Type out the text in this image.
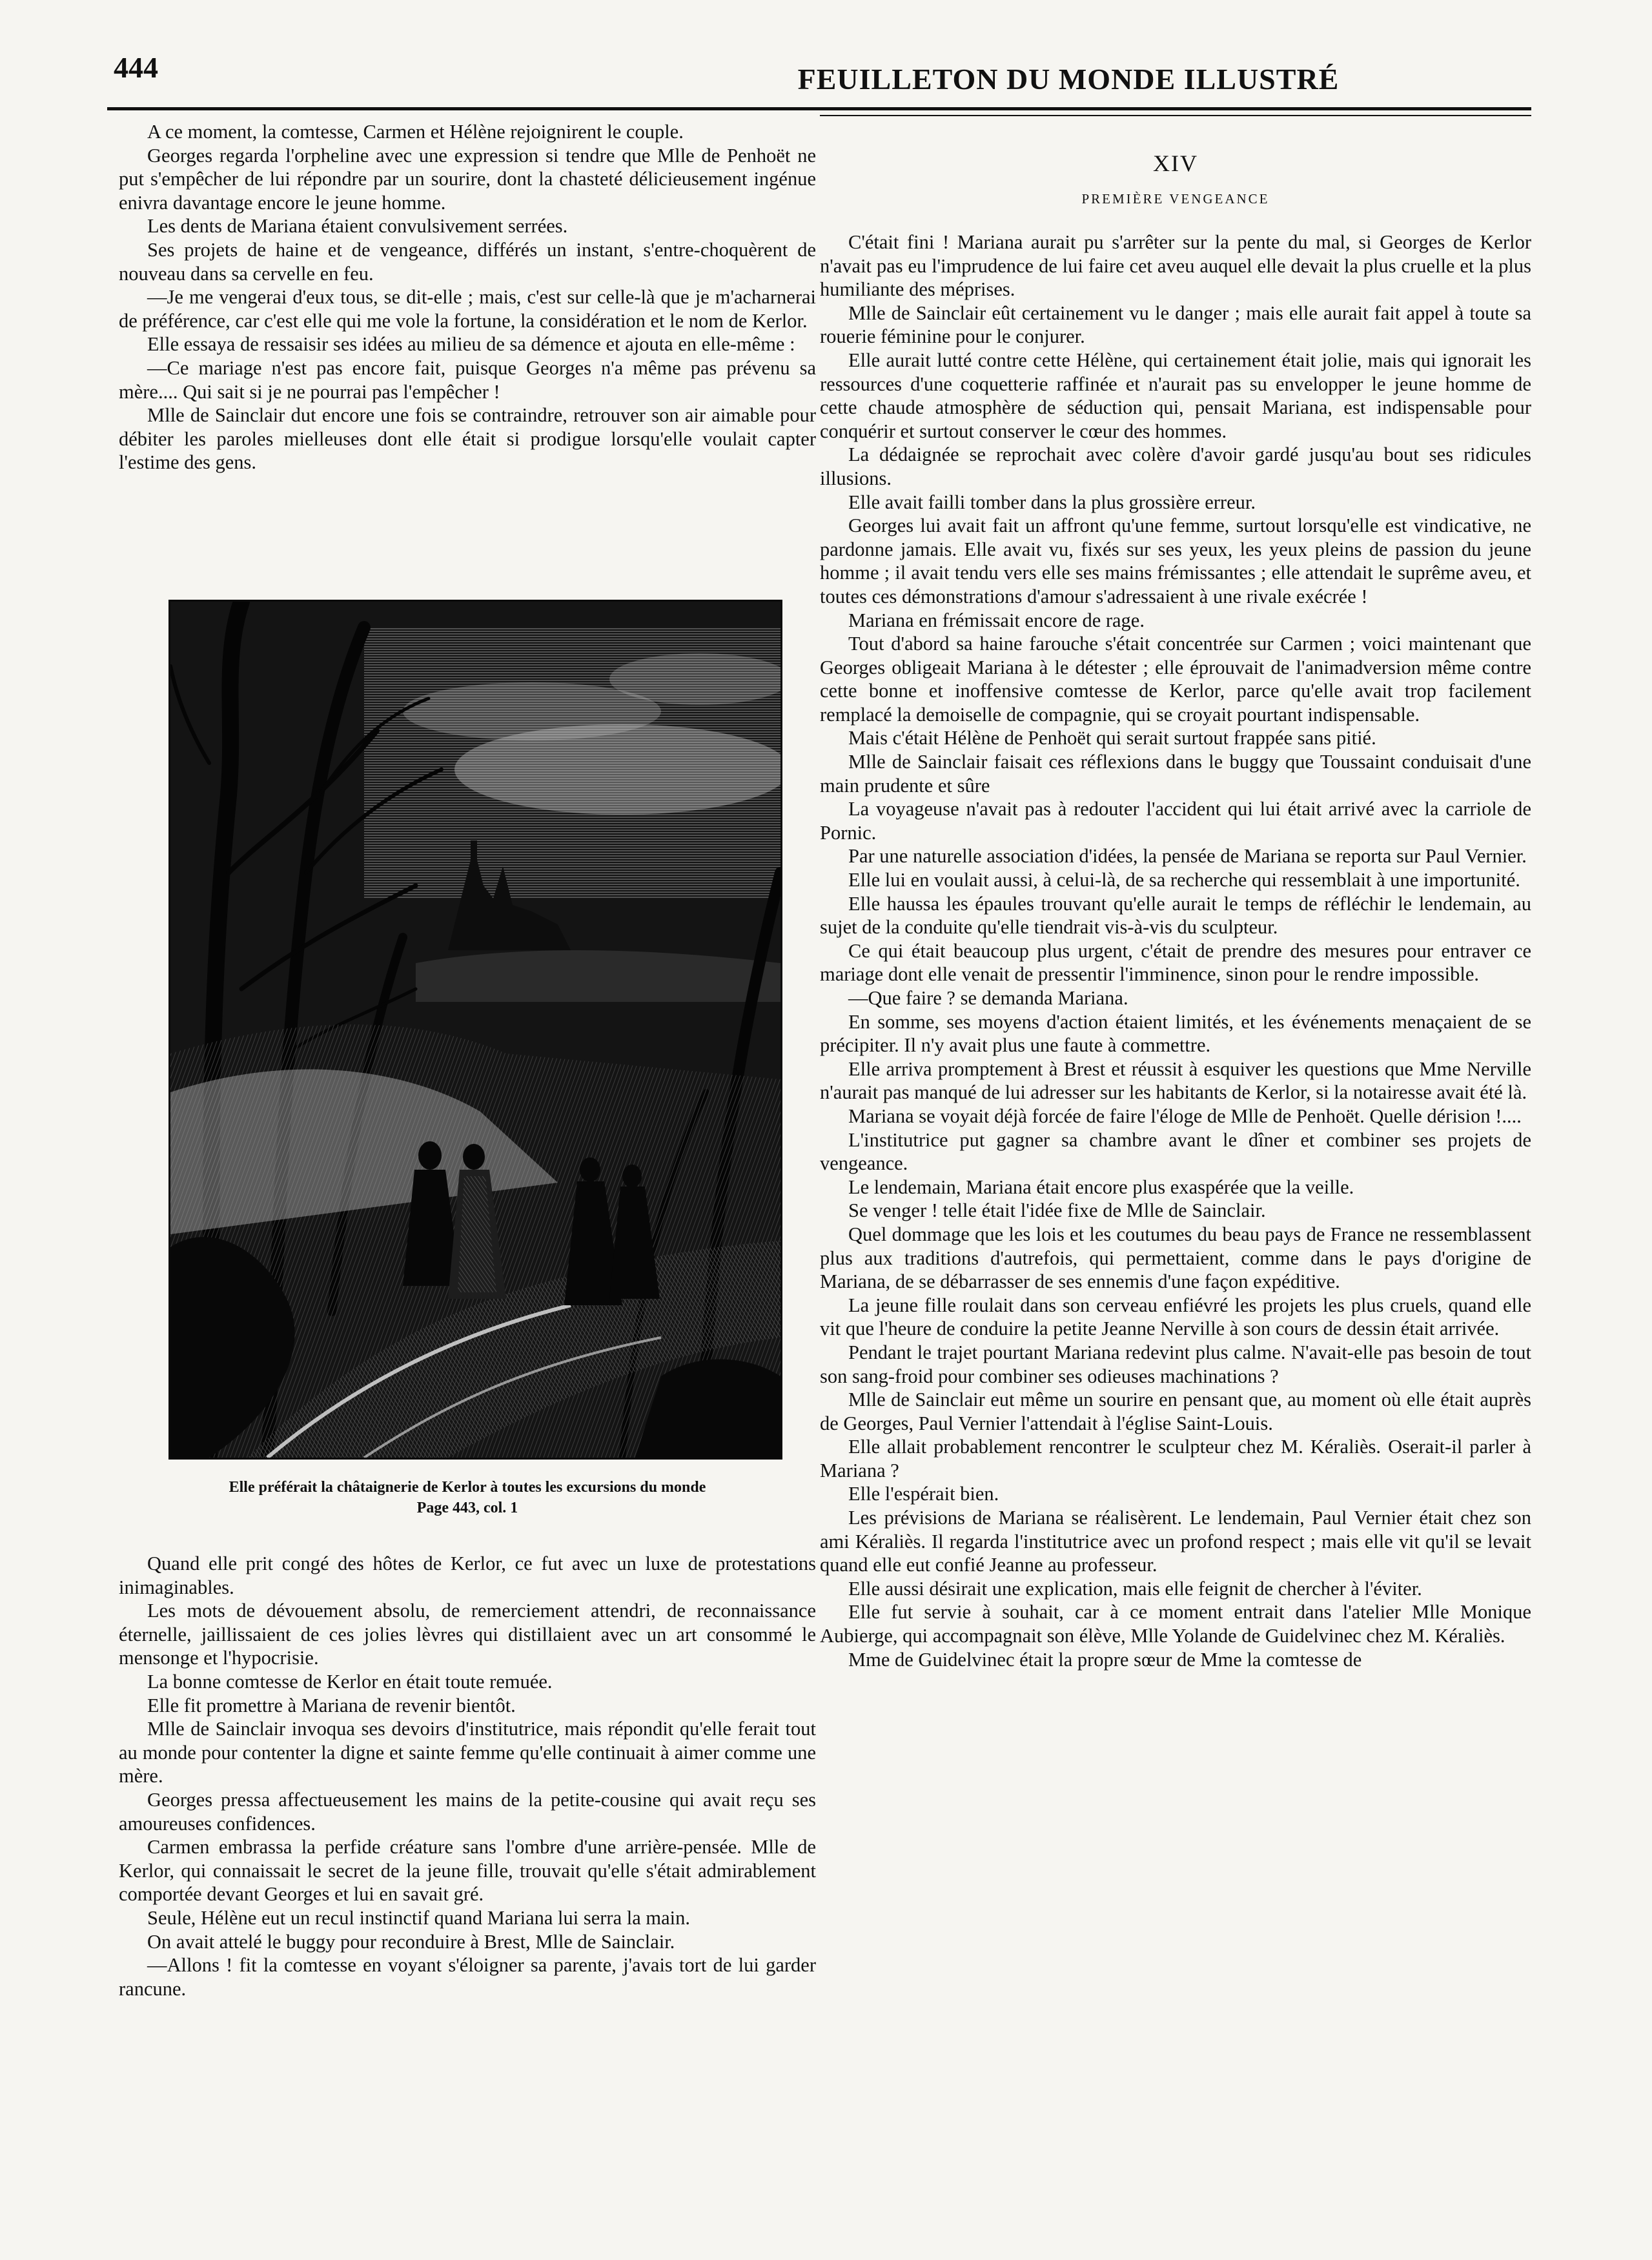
444	FEUILLETON DU MONDE ILLUSTRÉ

A ce moment, la comtesse, Carmen et Hélène rejoignirent le couple.

Georges regarda l'orpheline avec une expression si tendre que Mlle de Penhoët ne put s'empêcher de lui répondre par un sourire, dont la chasteté délicieusement ingénue enivra davantage encore le jeune homme.

Les dents de Mariana étaient convulsivement serrées.

Ses projets de haine et de vengeance, différés un instant, s'entre-choquèrent de nouveau dans sa cervelle en feu.

—Je me vengerai d'eux tous, se dit-elle ; mais, c'est sur celle-là que je m'acharnerai de préférence, car c'est elle qui me vole la fortune, la considération et le nom de Kerlor.

Elle essaya de ressaisir ses idées au milieu de sa démence et ajouta en elle-même :

—Ce mariage n'est pas encore fait, puisque Georges n'a même pas prévenu sa mère.... Qui sait si je ne pourrai pas l'empêcher !

Mlle de Sainclair dut encore une fois se contraindre, retrouver son air aimable pour débiter les paroles mielleuses dont elle était si prodigue lorsqu'elle voulait capter l'estime des gens.

Elle préférait la châtaignerie de Kerlor à toutes les excursions du monde
Page 443, col. 1

Quand elle prit congé des hôtes de Kerlor, ce fut avec un luxe de protestations inimaginables.

Les mots de dévouement absolu, de remerciement attendri, de reconnaissance éternelle, jaillissaient de ces jolies lèvres qui distillaient avec un art consommé le mensonge et l'hypocrisie.

La bonne comtesse de Kerlor en était toute remuée.

Elle fit promettre à Mariana de revenir bientôt.

Mlle de Sainclair invoqua ses devoirs d'institutrice, mais répondit qu'elle ferait tout au monde pour contenter la digne et sainte femme qu'elle continuait à aimer comme une mère.

Georges pressa affectueusement les mains de la petite-cousine qui avait reçu ses amoureuses confidences.

Carmen embrassa la perfide créature sans l'ombre d'une arrière-pensée. Mlle de Kerlor, qui connaissait le secret de la jeune fille, trouvait qu'elle s'était admirablement comportée devant Georges et lui en savait gré.

Seule, Hélène eut un recul instinctif quand Mariana lui serra la main.

On avait attelé le buggy pour reconduire à Brest, Mlle de Sainclair.

—Allons ! fit la comtesse en voyant s'éloigner sa parente, j'avais tort de lui garder rancune.

XIV
PREMIÈRE VENGEANCE

C'était fini ! Mariana aurait pu s'arrêter sur la pente du mal, si Georges de Kerlor n'avait pas eu l'imprudence de lui faire cet aveu auquel elle devait la plus cruelle et la plus humiliante des méprises.

Mlle de Sainclair eût certainement vu le danger ; mais elle aurait fait appel à toute sa rouerie féminine pour le conjurer.

Elle aurait lutté contre cette Hélène, qui certainement était jolie, mais qui ignorait les ressources d'une coquetterie raffinée et n'aurait pas su envelopper le jeune homme de cette chaude atmosphère de séduction qui, pensait Mariana, est indispensable pour conquérir et surtout conserver le cœur des hommes.

La dédaignée se reprochait avec colère d'avoir gardé jusqu'au bout ses ridicules illusions.

Elle avait failli tomber dans la plus grossière erreur.

Georges lui avait fait un affront qu'une femme, surtout lorsqu'elle est vindicative, ne pardonne jamais. Elle avait vu, fixés sur ses yeux, les yeux pleins de passion du jeune homme ; il avait tendu vers elle ses mains frémissantes ; elle attendait le suprême aveu, et toutes ces démonstrations d'amour s'adressaient à une rivale exécrée !

Mariana en frémissait encore de rage.

Tout d'abord sa haine farouche s'était concentrée sur Carmen ; voici maintenant que Georges obligeait Mariana à le détester ; elle éprouvait de l'animadversion même contre cette bonne et inoffensive comtesse de Kerlor, parce qu'elle avait trop facilement remplacé la demoiselle de compagnie, qui se croyait pourtant indispensable.

Mais c'était Hélène de Penhoët qui serait surtout frappée sans pitié.

Mlle de Sainclair faisait ces réflexions dans le buggy que Toussaint conduisait d'une main prudente et sûre

La voyageuse n'avait pas à redouter l'accident qui lui était arrivé avec la carriole de Pornic.

Par une naturelle association d'idées, la pensée de Mariana se reporta sur Paul Vernier.

Elle lui en voulait aussi, à celui-là, de sa recherche qui ressemblait à une importunité.

Elle haussa les épaules trouvant qu'elle aurait le temps de réfléchir le lendemain, au sujet de la conduite qu'elle tiendrait vis-à-vis du sculpteur.

Ce qui était beaucoup plus urgent, c'était de prendre des mesures pour entraver ce mariage dont elle venait de pressentir l'imminence, sinon pour le rendre impossible.

—Que faire ? se demanda Mariana.

En somme, ses moyens d'action étaient limités, et les événements menaçaient de se précipiter. Il n'y avait plus une faute à commettre.

Elle arriva promptement à Brest et réussit à esquiver les questions que Mme Nerville n'aurait pas manqué de lui adresser sur les habitants de Kerlor, si la notairesse avait été là.

Mariana se voyait déjà forcée de faire l'éloge de Mlle de Penhoët. Quelle dérision !....

L'institutrice put gagner sa chambre avant le dîner et combiner ses projets de vengeance.

Le lendemain, Mariana était encore plus exaspérée que la veille.

Se venger ! telle était l'idée fixe de Mlle de Sainclair.

Quel dommage que les lois et les coutumes du beau pays de France ne ressemblassent plus aux traditions d'autrefois, qui permettaient, comme dans le pays d'origine de Mariana, de se débarrasser de ses ennemis d'une façon expéditive.

La jeune fille roulait dans son cerveau enfiévré les projets les plus cruels, quand elle vit que l'heure de conduire la petite Jeanne Nerville à son cours de dessin était arrivée.

Pendant le trajet pourtant Mariana redevint plus calme. N'avait-elle pas besoin de tout son sang-froid pour combiner ses odieuses machinations ?

Mlle de Sainclair eut même un sourire en pensant que, au moment où elle était auprès de Georges, Paul Vernier l'attendait à l'église Saint-Louis.

Elle allait probablement rencontrer le sculpteur chez M. Kéraliès. Oserait-il parler à Mariana ?

Elle l'espérait bien.

Les prévisions de Mariana se réalisèrent. Le lendemain, Paul Vernier était chez son ami Kéraliès. Il regarda l'institutrice avec un profond respect ; mais elle vit qu'il se levait quand elle eut confié Jeanne au professeur.

Elle aussi désirait une explication, mais elle feignit de chercher à l'éviter.

Elle fut servie à souhait, car à ce moment entrait dans l'atelier Mlle Monique Aubierge, qui accompagnait son élève, Mlle Yolande de Guidelvinec chez M. Kéraliès.

Mme de Guidelvinec était la propre sœur de Mme la comtesse de
